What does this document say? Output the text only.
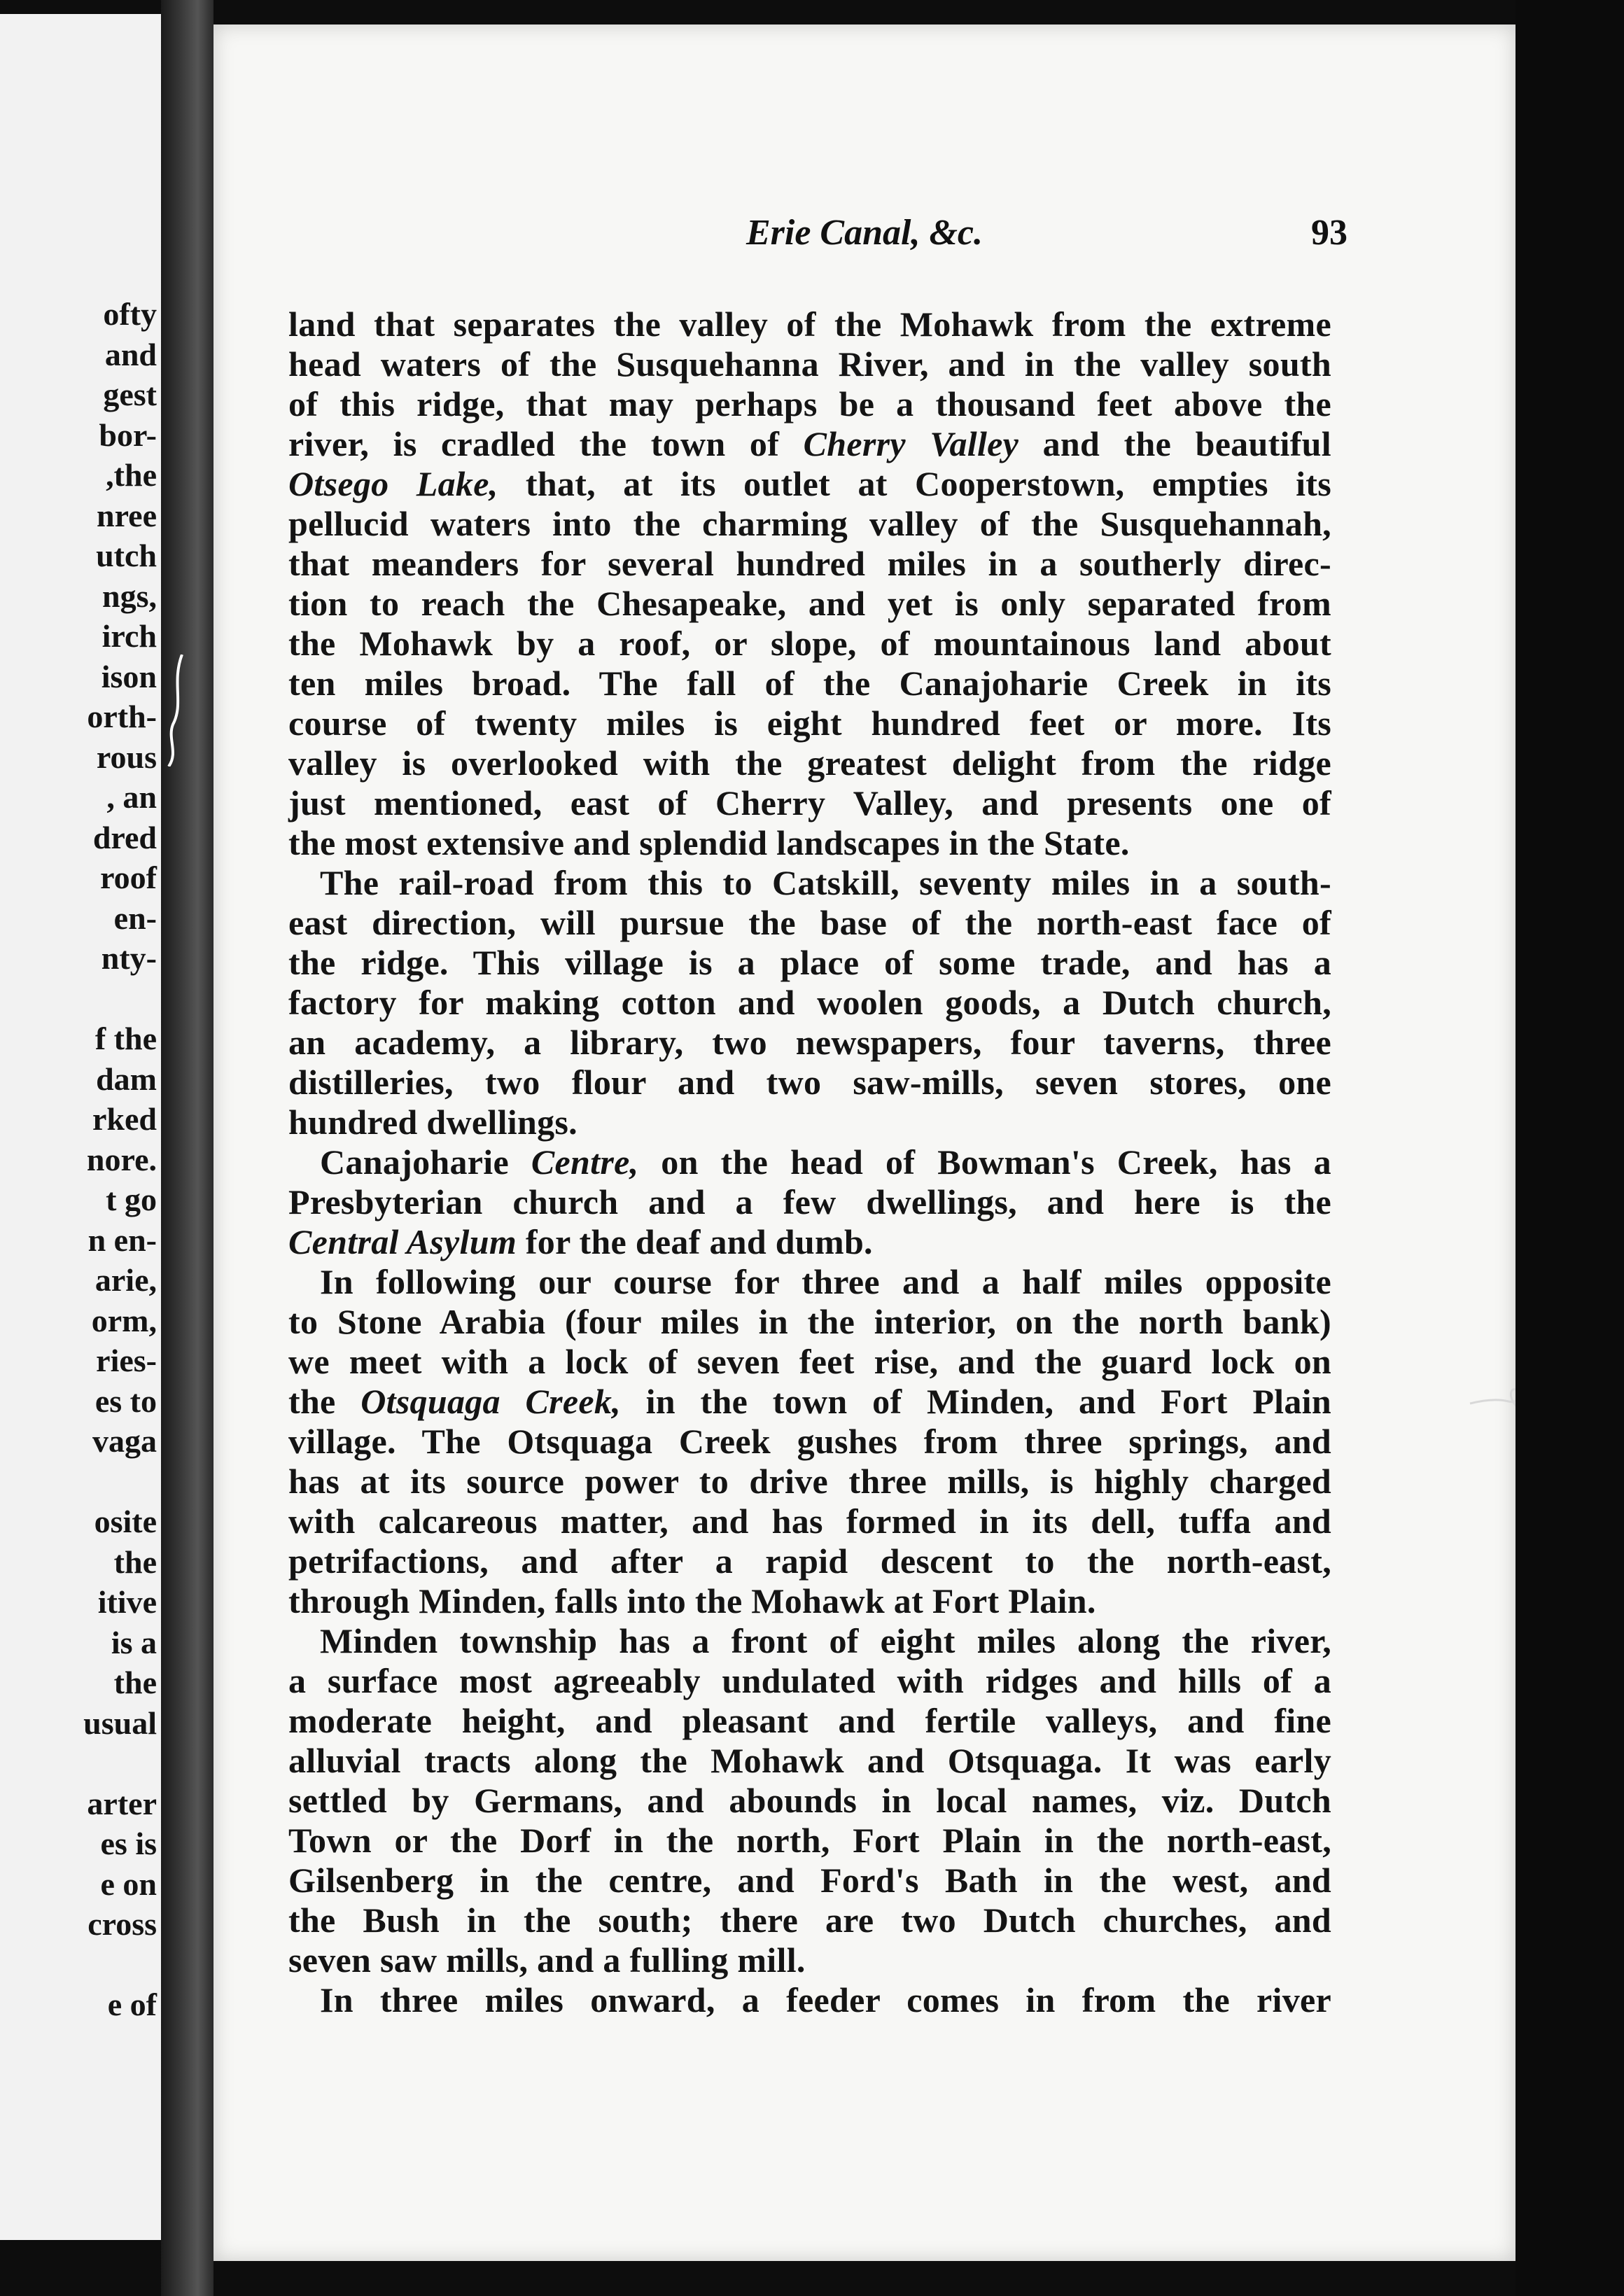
ofty
and
gest
bor-
,the
nree
utch
ngs,
irch
ison
orth-
rous
, an
dred
roof
en-
nty-
f the
dam
rked
nore.
t go
n en-
arie,
orm,
ries-
es to
vaga
osite
the
itive
is a
the
usual
arter
es is
e on
cross
e of
Erie Canal, &c.	93
land that separates the valley of the Mohawk from the extreme
head waters of the Susquehanna River, and in the valley south
of this ridge, that may perhaps be a thousand feet above the
river, is cradled the town of Cherry Valley and the beautiful
Otsego Lake, that, at its outlet at Cooperstown, empties its
pellucid waters into the charming valley of the Susquehannah,
that meanders for several hundred miles in a southerly direc-
tion to reach the Chesapeake, and yet is only separated from
the Mohawk by a roof, or slope, of mountainous land about
ten miles broad. The fall of the Canajoharie Creek in its
course of twenty miles is eight hundred feet or more. Its
valley is overlooked with the greatest delight from the ridge
just mentioned, east of Cherry Valley, and presents one of
the most extensive and splendid landscapes in the State.
The rail-road from this to Catskill, seventy miles in a south-
east direction, will pursue the base of the north-east face of
the ridge. This village is a place of some trade, and has a
factory for making cotton and woolen goods, a Dutch church,
an academy, a library, two newspapers, four taverns, three
distilleries, two flour and two saw-mills, seven stores, one
hundred dwellings.
Canajoharie Centre, on the head of Bowman's Creek, has a
Presbyterian church and a few dwellings, and here is the
Central Asylum for the deaf and dumb.
In following our course for three and a half miles opposite
to Stone Arabia (four miles in the interior, on the north bank)
we meet with a lock of seven feet rise, and the guard lock on
the Otsquaga Creek, in the town of Minden, and Fort Plain
village. The Otsquaga Creek gushes from three springs, and
has at its source power to drive three mills, is highly charged
with calcareous matter, and has formed in its dell, tuffa and
petrifactions, and after a rapid descent to the north-east,
through Minden, falls into the Mohawk at Fort Plain.
Minden township has a front of eight miles along the river,
a surface most agreeably undulated with ridges and hills of a
moderate height, and pleasant and fertile valleys, and fine
alluvial tracts along the Mohawk and Otsquaga. It was early
settled by Germans, and abounds in local names, viz. Dutch
Town or the Dorf in the north, Fort Plain in the north-east,
Gilsenberg in the centre, and Ford's Bath in the west, and
the Bush in the south; there are two Dutch churches, and
seven saw mills, and a fulling mill.
In three miles onward, a feeder comes in from the river
